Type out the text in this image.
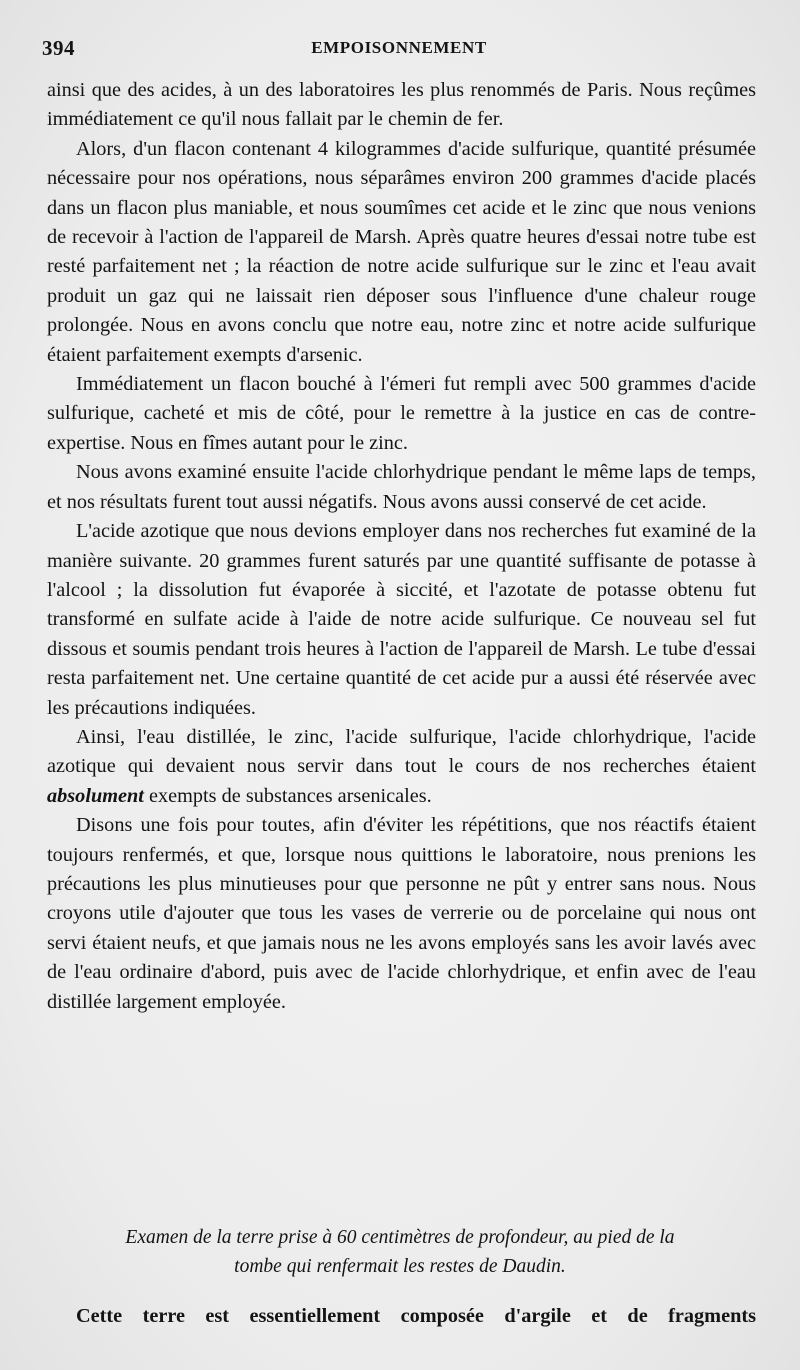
394	EMPOISONNEMENT

ainsi que des acides, à un des laboratoires les plus renommés de Paris. Nous reçûmes immédiatement ce qu'il nous fallait par le chemin de fer.

Alors, d'un flacon contenant 4 kilogrammes d'acide sulfurique, quantité présumée nécessaire pour nos opérations, nous séparâmes environ 200 grammes d'acide placés dans un flacon plus maniable, et nous soumîmes cet acide et le zinc que nous venions de recevoir à l'action de l'appareil de Marsh. Après quatre heures d'essai notre tube est resté parfaitement net ; la réaction de notre acide sulfurique sur le zinc et l'eau avait produit un gaz qui ne laissait rien déposer sous l'influence d'une chaleur rouge prolongée. Nous en avons conclu que notre eau, notre zinc et notre acide sulfurique étaient parfaitement exempts d'arsenic.

Immédiatement un flacon bouché à l'émeri fut rempli avec 500 grammes d'acide sulfurique, cacheté et mis de côté, pour le remettre à la justice en cas de contre-expertise. Nous en fîmes autant pour le zinc.

Nous avons examiné ensuite l'acide chlorhydrique pendant le même laps de temps, et nos résultats furent tout aussi négatifs. Nous avons aussi conservé de cet acide.

L'acide azotique que nous devions employer dans nos recherches fut examiné de la manière suivante. 20 grammes furent saturés par une quantité suffisante de potasse à l'alcool ; la dissolution fut évaporée à siccité, et l'azotate de potasse obtenu fut transformé en sulfate acide à l'aide de notre acide sulfurique. Ce nouveau sel fut dissous et soumis pendant trois heures à l'action de l'appareil de Marsh. Le tube d'essai resta parfaitement net. Une certaine quantité de cet acide pur a aussi été réservée avec les précautions indiquées.

Ainsi, l'eau distillée, le zinc, l'acide sulfurique, l'acide chlorhydrique, l'acide azotique qui devaient nous servir dans tout le cours de nos recherches étaient absolument exempts de substances arsenicales.

Disons une fois pour toutes, afin d'éviter les répétitions, que nos réactifs étaient toujours renfermés, et que, lorsque nous quittions le laboratoire, nous prenions les précautions les plus minutieuses pour que personne ne pût y entrer sans nous. Nous croyons utile d'ajouter que tous les vases de verrerie ou de porcelaine qui nous ont servi étaient neufs, et que jamais nous ne les avons employés sans les avoir lavés avec de l'eau ordinaire d'abord, puis avec de l'acide chlorhydrique, et enfin avec de l'eau distillée largement employée.

Examen de la terre prise à 60 centimètres de profondeur, au pied de la
tombe qui renfermait les restes de Daudin.

Cette terre est essentiellement composée d'argile et de fragments
